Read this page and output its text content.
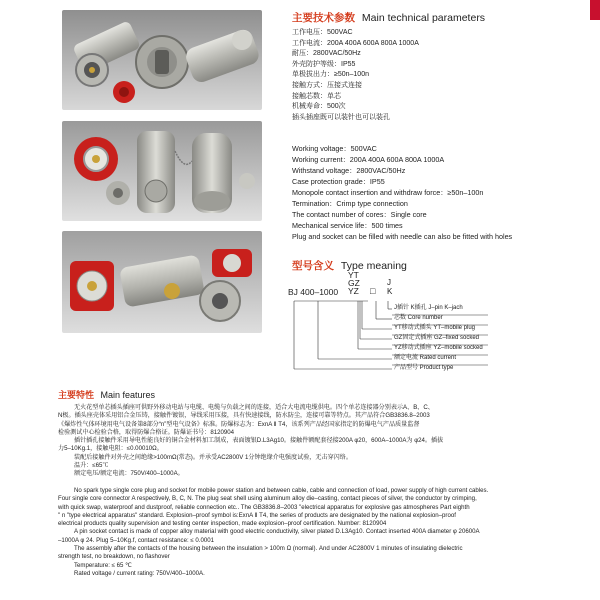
主要技术参数 Main technical parameters
工作电压：500VAC
工作电流：200A 400A 600A 800A 1000A
耐压：2800VAC/50Hz
外壳防护等级：IP55
单极拔出力：≥50n–100n
接触方式：压接式连接
接触芯数：单芯
机械寿命：500次
插头插座既可以装针也可以装孔
Working voltage：500VAC
Working current：200A 400A 600A 800A 1000A
Withstand voltage：2800VAC/50Hz
Case protection grade：IP55
Monopole contact insertion and withdraw force：≥50n–100n
Termination：Crimp type connection
The contact number of cores：Single core
Mechanical service life：500 times
Plug and socket can be filled with needle can also be fitted with holes
型号含义 Type meaning
BJ 400–1000
YT
GZ
YZ □
J
K
J插针 K插孔 J–pin K–jach
芯数 Core number
YT移动式插头 YT–mobile plug
GZ固定式插座 GZ–fixed socked
YZ移动式插座 YZ–mobile socked
额定电流 Rated current
产品型号 Product type
主要特性 Main features

无火花型单芯插头插座可供野外移动电站与电缆、电缆与负载之间的连接，适合大电流电缆供电。四个单芯连接器分别表示A、B、C、

N极。插头座壳体采用铝合金压铸，接触件镀银，导线采用压接，具有快速接线，防水防尘，连接可靠等特点。其产品符合GB3836.8–2003

《爆炸性气体环境用电气设备第8部分“n”型电气设备》标准。防爆标志为：ExnA Ⅱ T4，该系列产品经国家指定的防爆电气产品质量监督

检验测试中心检验合格，取得防爆合格证。防爆证书号：8120904

插针插孔接触件采用导电性能良好的铜合金材料加工制成，表面镀银D.L3Ag10。接触件额配套径接200A φ20，600A–1000A为 φ24。插拔

力5–10Kg.1，接触电阻：≤0.00010Ω。

装配后接触件对外壳之间绝缘>100mΩ(常态)。并承受AC2800V 1分钟绝缘介电强度试验，无击穿闪络。

温升：≤65℃

额定电压/额定电流：750V/400–1000A。

No spark type single core plug and socket for mobile power station and between cable, cable and connection of load, power supply of high current cables.

Four single core connector A respectively, B, C, N. The plug seat shell using aluminum alloy die–casting, contact pieces of silver, the conductor by crimping,

with quick swap, waterproof and dustproof, reliable connection etc.. The GB3836.8–2003 "electrical apparatus for explosive gas atmospheres Part eighth

" n "type electrical apparatus" standard. Explosion–proof symbol is:ExnA Ⅱ T4, the series of products are designated by the national explosion–proof

electrical products quality supervision and testing center inspection, made explosion–proof certification. Number: 8120904

A pin socket contact is made of copper alloy material with good electric conductivity, silver plated D.L3Ag10. Contact inserted 400A diameter φ 20600A

–1000A φ 24. Plug 5–10Kg.f, contact resistance: ≤ 0.0001

The assembly after the contacts of the housing between the insulation > 100m Ω (normal). And under AC2800V 1 minutes of insulating dielectric

strength test, no breakdown, no flashover

Temperature: ≤ 65 ℃

Rated voltage / current rating: 750V/400–1000A.
